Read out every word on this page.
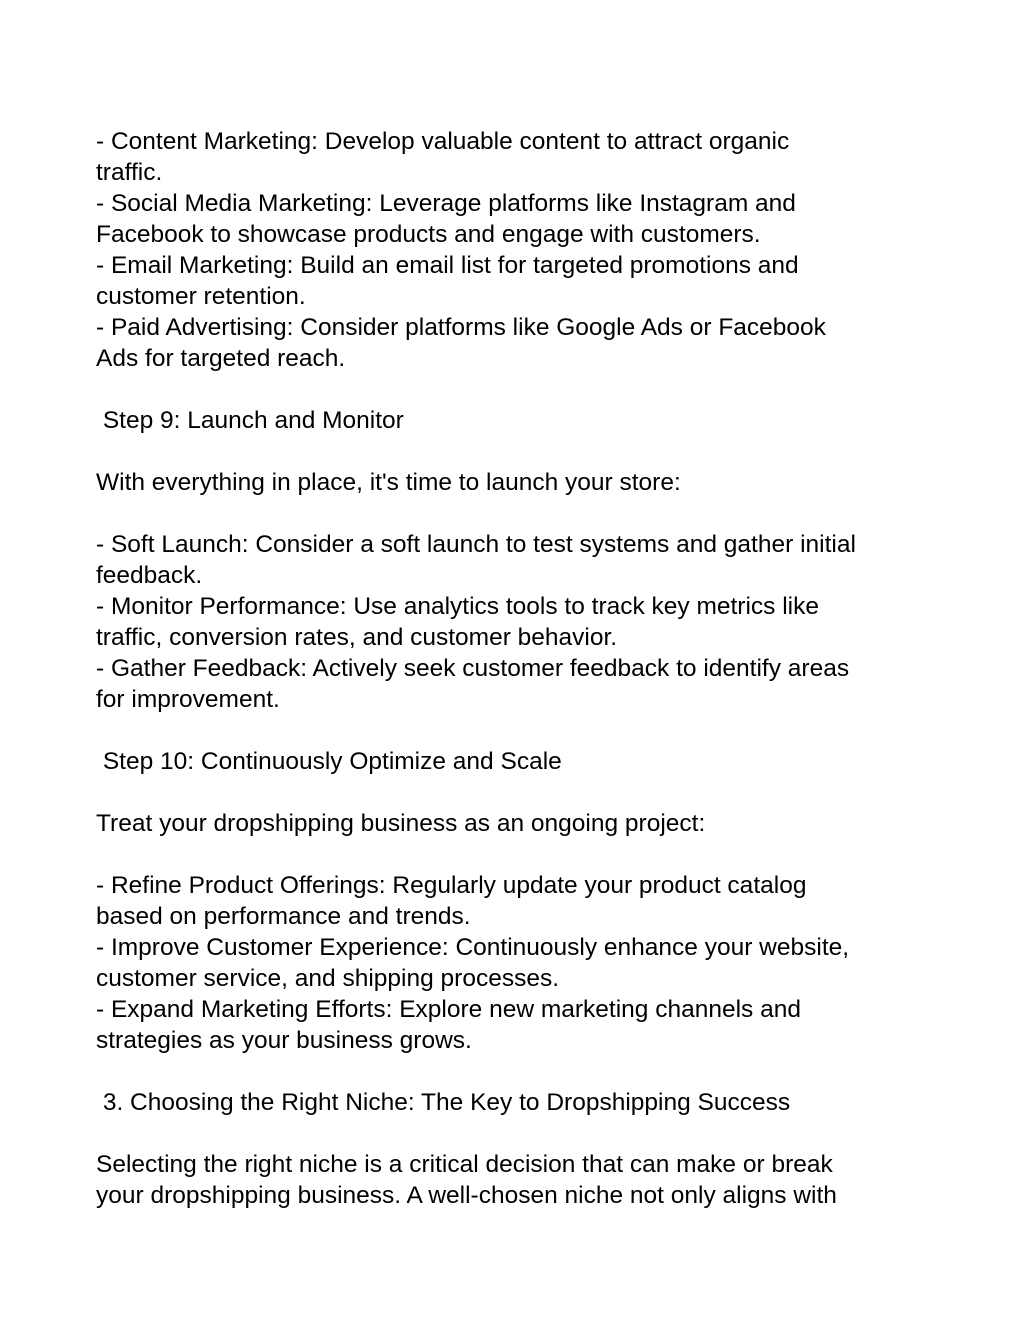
- Content Marketing: Develop valuable content to attract organic
traffic.

- Social Media Marketing: Leverage platforms like Instagram and
Facebook to showcase products and engage with customers.

- Email Marketing: Build an email list for targeted promotions and
customer retention.

- Paid Advertising: Consider platforms like Google Ads or Facebook
Ads for targeted reach.

Step 9: Launch and Monitor

With everything in place, it's time to launch your store:

- Soft Launch: Consider a soft launch to test systems and gather initial
feedback.

- Monitor Performance: Use analytics tools to track key metrics like
traffic, conversion rates, and customer behavior.

- Gather Feedback: Actively seek customer feedback to identify areas
for improvement.

Step 10: Continuously Optimize and Scale

Treat your dropshipping business as an ongoing project:

- Refine Product Offerings: Regularly update your product catalog
based on performance and trends.

- Improve Customer Experience: Continuously enhance your website,
customer service, and shipping processes.

- Expand Marketing Efforts: Explore new marketing channels and
strategies as your business grows.

3. Choosing the Right Niche: The Key to Dropshipping Success

Selecting the right niche is a critical decision that can make or break
your dropshipping business. A well-chosen niche not only aligns with
